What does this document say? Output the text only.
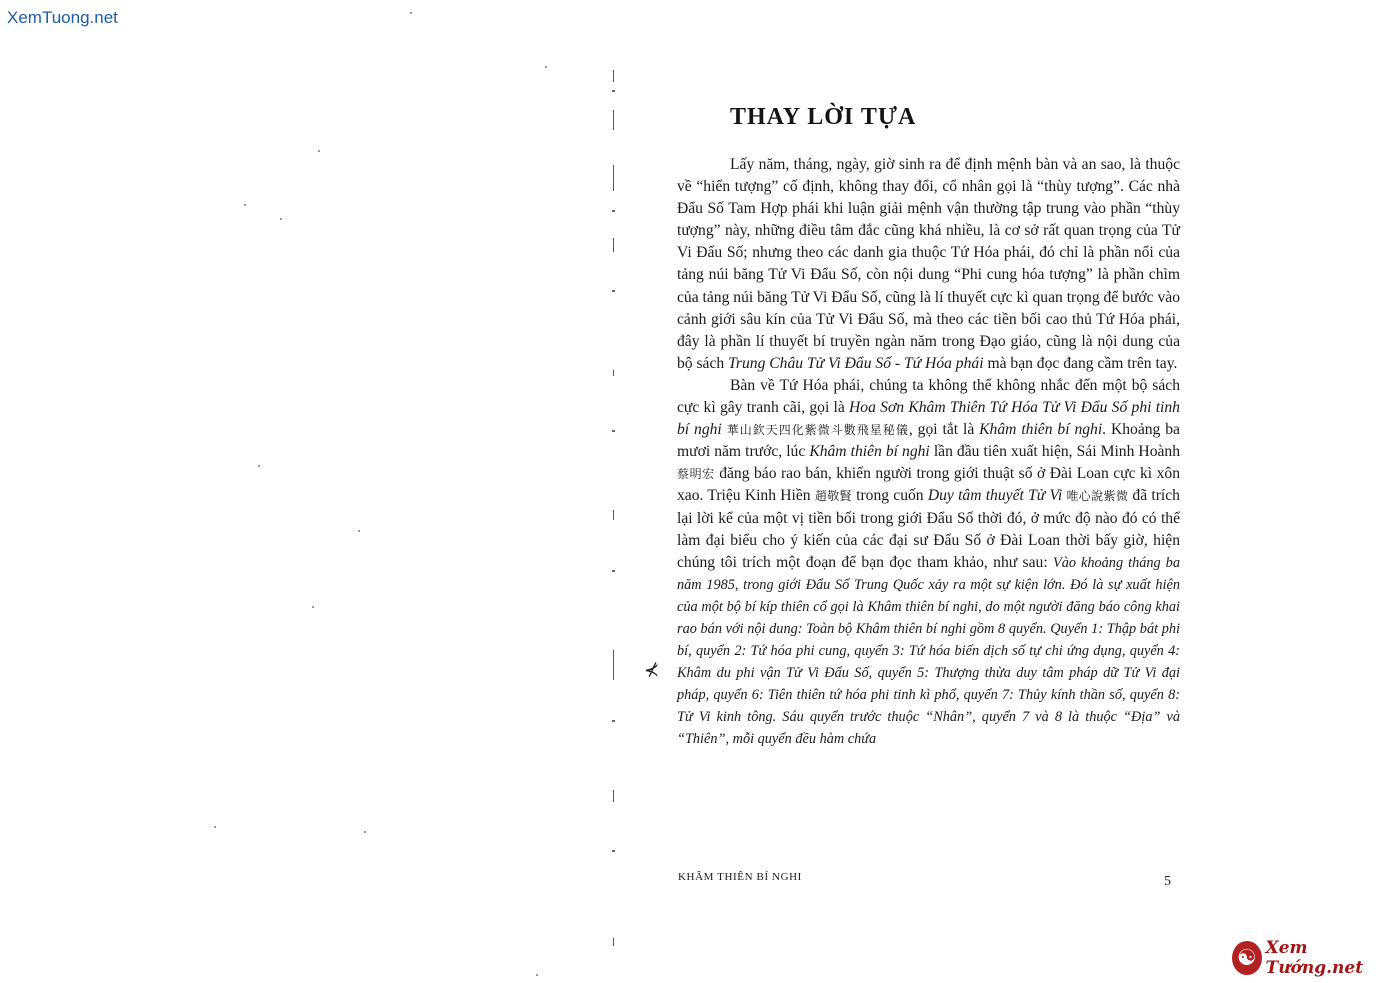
XemTuong.net
THAY LỜI TỰA

Lấy năm, tháng, ngày, giờ sinh ra để định mệnh bàn và an sao, là thuộc về “hiển tượng” cố định, không thay đổi, cổ nhân gọi là “thùy tượng”. Các nhà Đẩu Số Tam Hợp phái khi luận giải mệnh vận thường tập trung vào phần “thùy tượng” này, những điều tâm đắc cũng khá nhiều, là cơ sở rất quan trọng của Tử Vi Đẩu Số; nhưng theo các danh gia thuộc Tứ Hóa phái, đó chỉ là phần nổi của tảng núi băng Tử Vi Đẩu Số, còn nội dung “Phi cung hóa tượng” là phần chìm của tảng núi băng Tử Vi Đẩu Số, cũng là lí thuyết cực kì quan trọng để bước vào cảnh giới sâu kín của Tử Vi Đẩu Số, mà theo các tiền bối cao thủ Tứ Hóa phái, đây là phần lí thuyết bí truyền ngàn năm trong Đạo giáo, cũng là nội dung của bộ sách Trung Châu Tử Vi Đẩu Số - Tứ Hóa phái mà bạn đọc đang cầm trên tay.

Bàn về Tứ Hóa phái, chúng ta không thể không nhắc đến một bộ sách cực kì gây tranh cãi, gọi là Hoa Sơn Khâm Thiên Tứ Hóa Tử Vi Đẩu Số phi tinh bí nghi 華山欽天四化紫微斗數飛星秘儀, gọi tắt là Khâm thiên bí nghi. Khoảng ba mươi năm trước, lúc Khâm thiên bí nghi lần đầu tiên xuất hiện, Sái Minh Hoành 蔡明宏 đăng báo rao bán, khiến người trong giới thuật số ở Đài Loan cực kì xôn xao. Triệu Kinh Hiền 趙敬賢 trong cuốn Duy tâm thuyết Tử Vi 唯心說紫微 đã trích lại lời kể của một vị tiền bối trong giới Đẩu Số thời đó, ở mức độ nào đó có thể làm đại biểu cho ý kiến của các đại sư Đẩu Số ở Đài Loan thời bấy giờ, hiện chúng tôi trích một đoạn để bạn đọc tham khảo, như sau: Vào khoảng tháng ba năm 1985, trong giới Đẩu Số Trung Quốc xảy ra một sự kiện lớn. Đó là sự xuất hiện của một bộ bí kíp thiên cổ gọi là Khâm thiên bí nghi, do một người đăng báo công khai rao bán với nội dung: Toàn bộ Khâm thiên bí nghi gồm 8 quyển. Quyển 1: Thập bát phi bí, quyển 2: Tứ hóa phi cung, quyển 3: Tứ hóa biến dịch số tự chi ứng dụng, quyển 4: Khâm du phi vận Tử Vi Đẩu Số, quyển 5: Thượng thừa duy tâm pháp dữ Tử Vi đại pháp, quyển 6: Tiên thiên tứ hóa phi tinh kì phổ, quyển 7: Thủy kính thần số, quyển 8: Tử Vi kinh tông. Sáu quyển trước thuộc “Nhân”, quyển 7 và 8 là thuộc “Địa” và “Thiên”, mỗi quyển đều hàm chứa

⊀
KHÂM THIÊN BÍ NGHI	5
☯ Xem Tướng.net
